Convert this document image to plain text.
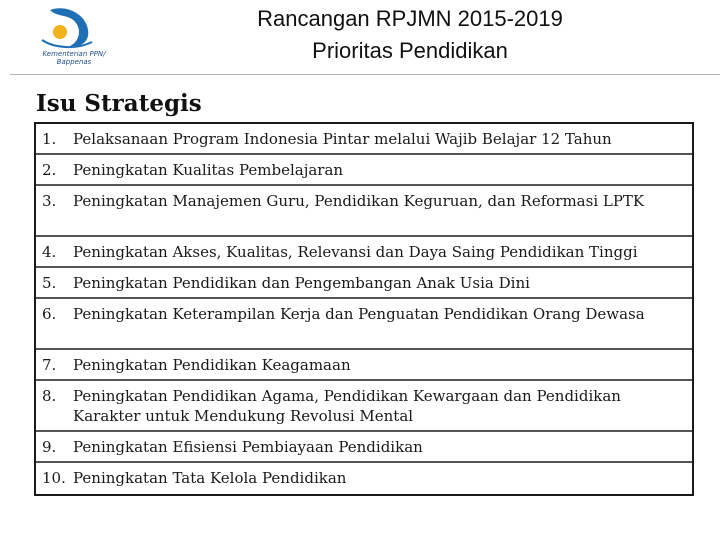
Kementerian PPN/
Bappenas
Rancangan RPJMN 2015-2019
Prioritas Pendidikan
Isu Strategis
1. Pelaksanaan Program Indonesia Pintar melalui Wajib Belajar 12 Tahun
2. Peningkatan Kualitas Pembelajaran
3. Peningkatan Manajemen Guru, Pendidikan Keguruan, dan Reformasi LPTK
4. Peningkatan Akses, Kualitas, Relevansi dan Daya Saing Pendidikan Tinggi
5. Peningkatan Pendidikan dan Pengembangan Anak Usia Dini
6. Peningkatan Keterampilan Kerja dan Penguatan Pendidikan Orang Dewasa
7. Peningkatan Pendidikan Keagamaan
8. Peningkatan Pendidikan Agama, Pendidikan Kewargaan dan Pendidikan Karakter untuk Mendukung Revolusi Mental
9. Peningkatan Efisiensi Pembiayaan Pendidikan
10. Peningkatan Tata Kelola Pendidikan
